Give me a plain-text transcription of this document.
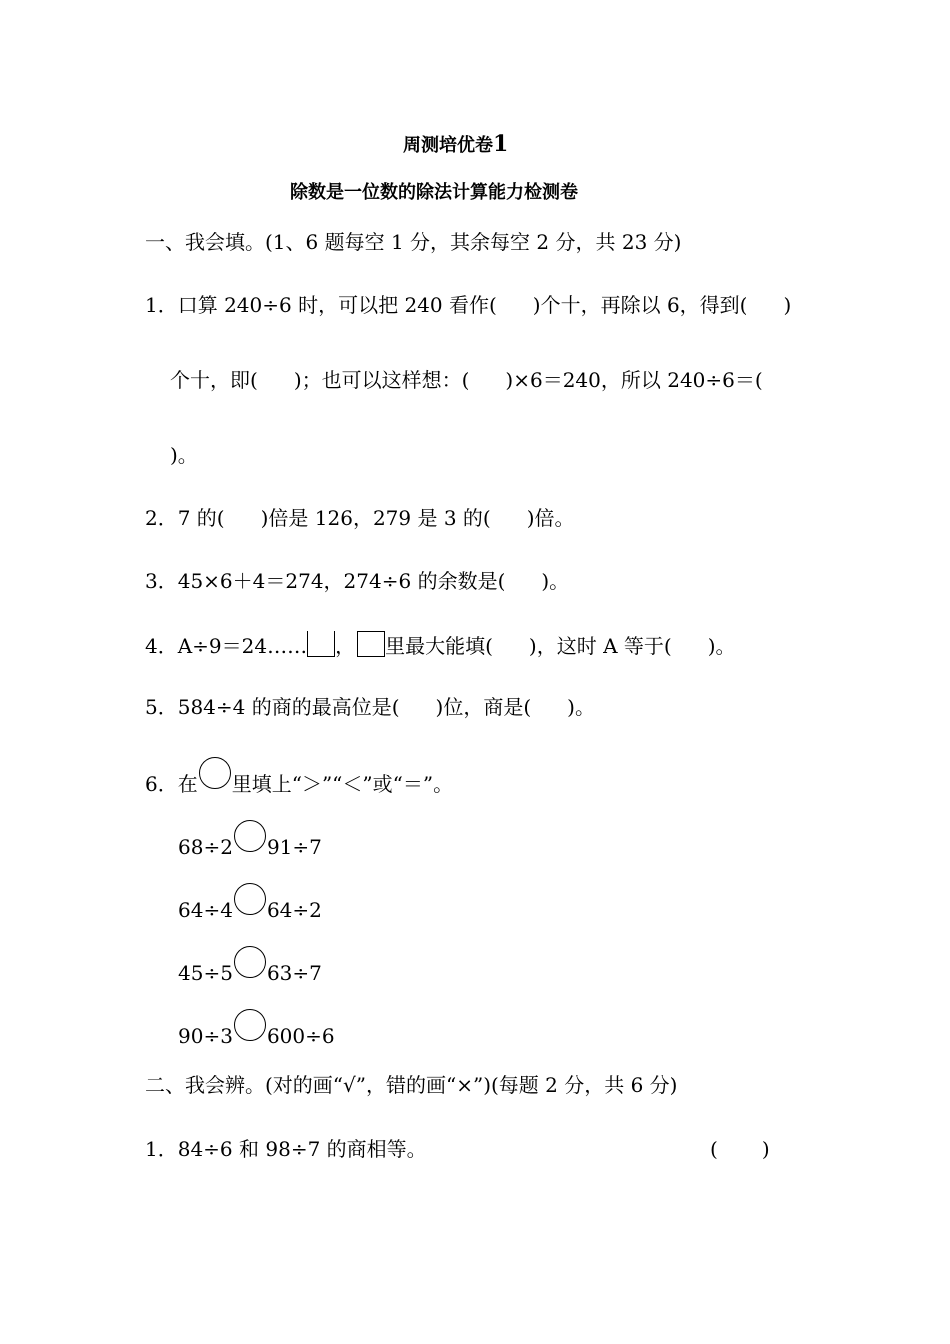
周测培优卷1
除数是一位数的除法计算能力检测卷
一、我会填。(1、6 题每空 1 分，其余每空 2 分，共 23 分)
1．口算 240÷6 时，可以把 240 看作( )个十，再除以 6，得到( )
个十，即( )；也可以这样想：( )×6＝240，所以 240÷6＝(
)。
2．7 的( )倍是 126，279 是 3 的( )倍。
3．45×6＋4＝274，274÷6 的余数是( )。
4．A÷9＝24…… ， 里最大能填( )，这时 A 等于( )。
5．584÷4 的商的最高位是( )位，商是( )。
6．在 里填上“＞”“＜”或“＝”。
68÷2 91÷7
64÷4 64÷2
45÷5 63÷7
90÷3 600÷6
二、我会辨。(对的画“√”，错的画“×”)(每题 2 分，共 6 分)
1．84÷6 和 98÷7 的商相等。	( )
